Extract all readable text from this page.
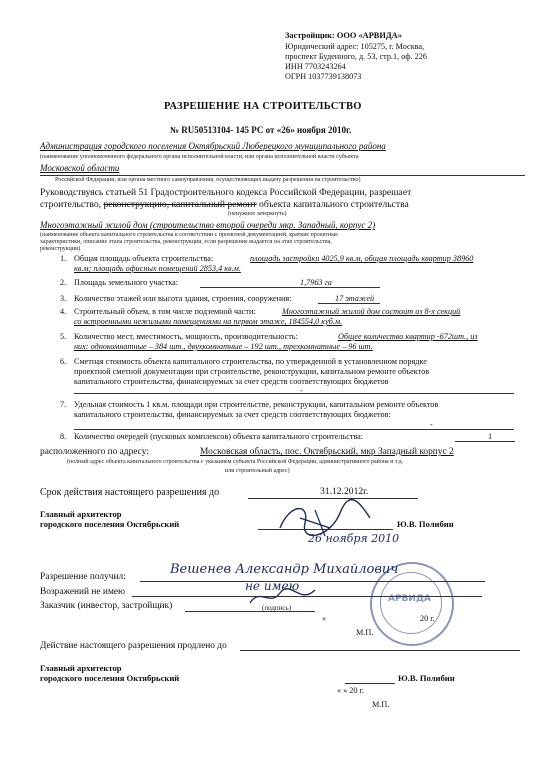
Застройщик: ООО «АРВИДА»
Юридический адрес: 105275, г. Москва,
проспект Буденного, д. 53, стр.1, оф. 226
ИНН 7703243264
ОГРН 1037739138073
РАЗРЕШЕНИЕ НА СТРОИТЕЛЬСТВО
№ RU50513104- 145 РС от «26» ноября 2010г.
Администрация городского поселения Октябрьский Люберецкого муниципального района
(наименование уполномоченного федерального органа исполнительной власти, или органа исполнительной власти субъекта
Московской области
Российской Федерации, или органа местного самоуправления, осуществляющих выдачу разрешения на строительство)
Руководствуясь статьей 51 Градостроительного кодекса Российской Федерации, разрешает
строительство, реконструкцию, капитальный ремонт объекта капитального строительства
(ненужное зачеркнуть)
Многоэтажный жилой дом (строительство второй очереди мкр. Западный, корпус 2)
(наименование объекта капитального строительства в соответствии с проектной документацией, краткие проектные
характеристики, описание этапа строительства, реконструкции, если разрешение выдается на этап строительства,
реконструкции)
1. Общая площадь объекта строительства:	площадь застройки 4025,9 кв.м, общая площадь квартир 38960
кв.м; площадь офисных помещений 2853,4 кв.м.
2. Площадь земельного участка:	1,7963 га
3. Количество этажей или высота здания, строения, сооружения:	17 этажей
4. Строительный объем, в том числе подземной части:	Многоэтажный жилой дом состоит из 8-х секций
со встроенными нежилыми помещениями на первом этаже, 184554,0 куб.м.
5. Количество мест, вместимость, мощность, производительность:	Общее количество квартир -672шт., из
них: однокомнатные – 384 шт., двухкомнатные – 192 шт., трехкомнатные – 96 шт.
6. Сметная стоимость объекта капитального строительства, по утвержденной в установленном порядке
проектной сметной документации при строительстве, реконструкции, капитальном ремонте объектов
капитального строительства, финансируемых за счет средств соответствующих бюджетов
-
7. Удельная стоимость 1 кв.м. площади при строительстве, реконструкции, капитальном ремонте объектов
капитального строительства, финансируемых за счет средств соответствующих бюджетов:
-
8. Количество очередей (пусковых комплексов) объекта капитального строительства:	1
расположенного по адресу:	Московская область, пос. Октябрьский, мкр Западный корпус 2
(полный адрес объекта капитального строительства с указанием субъекта Российской Федерации, административного района и т.д.
или строительный адрес)
Срок действия настоящего разрешения до	31.12.2012г.
Главный архитектор
городского поселения Октябрьский	Ю.В. Полибин
26 ноября 2010
Разрешение получил:	Вешенев Александр Михайлович
Возражений не имею	не имею
Заказчик (инвестор, застройщик)	(подпись)
«	20 г.
М.П.
АРВИДА
Действие настоящего разрешения продлено до
Главный архитектор
городского поселения Октябрьский	Ю.В. Полибин
« » 20 г.
М.П.
